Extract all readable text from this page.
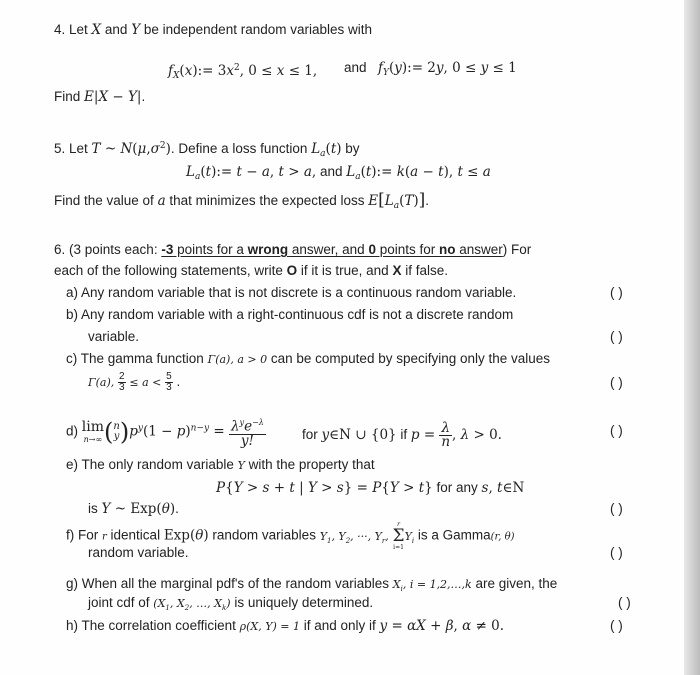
4. Let X and Y be independent random variables with
$f_X(x):= 3x^2$, 0 ≤ x ≤ 1, and $f_Y(y):= 2y$, 0 ≤ y ≤ 1
Find E|X − Y|.
5. Let T ~ $N(\mu,\sigma^2)$. Define a loss function $L_a(t)$ by
$L_a(t):= t - a$, t > a, and $L_a(t):= k(a - t)$, t ≤ a
Find the value of a that minimizes the expected loss $E[L_a(T)]$.
6. (3 points each: -3 points for a wrong answer, and 0 points for no answer) For
each of the following statements, write O if it is true, and X if false.
a) Any random variable that is not discrete is a continuous random variable.	( )
b) Any random variable with a right-continuous cdf is not a discrete random
variable.	( )
c) The gamma function Γ(a), a > 0 can be computed by specifying only the values
Γ(a), $\frac{2}{3} \le a < \frac{5}{3}$ .	( )
d) lim
n→∞ (n
$y)p^y(1 - p)^{n-y} = \frac{\lambda^ye^{-\lambda}}{y!}$	for y∈N ∪ {0} if $p = \frac{\lambda}{n}$ , λ > 0.	( )
e) The only random variable Y with the property that
P{Y > s + t | Y > s} = P{Y > t} for any s, t∈N
is Y ~ Exp(θ).	( )
f) For r identical Exp(θ) random variables $Y_1$, $Y_2$, ···, $Y_r$,
r
Σ
i=1
$Y_i$ is a Gamma(r, θ)
random variable.	( )
g) When all the marginal pdf's of the random variables $X_i$, i = 1,2,…,k are given, the
joint cdf of ($X_1$, $X_2$, …, $X_k$) is uniquely determined.	( )
h) The correlation coefficient ρ(X, Y) = 1 if and only if y = αX + β, α ≠ 0.	( )
